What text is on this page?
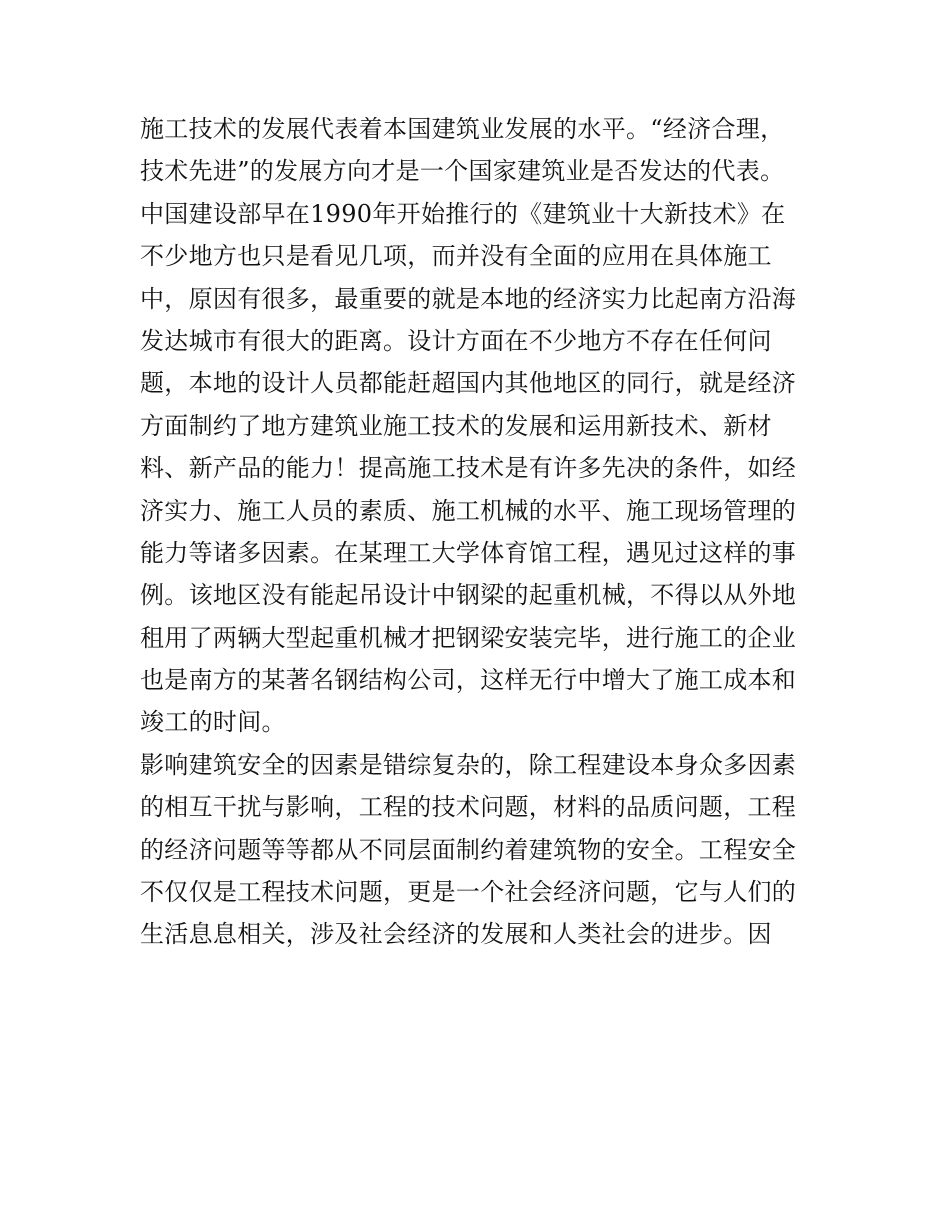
施工技术的发展代表着本国建筑业发展的水平。“经济合理，
技术先进”的发展方向才是一个国家建筑业是否发达的代表。
中国建设部早在1990年开始推行的《建筑业十大新技术》在
不少地方也只是看见几项，而并没有全面的应用在具体施工
中，原因有很多，最重要的就是本地的经济实力比起南方沿海
发达城市有很大的距离。设计方面在不少地方不存在任何问
题，本地的设计人员都能赶超国内其他地区的同行，就是经济
方面制约了地方建筑业施工技术的发展和运用新技术、新材
料、新产品的能力！提高施工技术是有许多先决的条件，如经
济实力、施工人员的素质、施工机械的水平、施工现场管理的
能力等诸多因素。在某理工大学体育馆工程，遇见过这样的事
例。该地区没有能起吊设计中钢梁的起重机械，不得以从外地
租用了两辆大型起重机械才把钢梁安装完毕，进行施工的企业
也是南方的某著名钢结构公司，这样无行中增大了施工成本和
竣工的时间。
影响建筑安全的因素是错综复杂的，除工程建设本身众多因素
的相互干扰与影响，工程的技术问题，材料的品质问题，工程
的经济问题等等都从不同层面制约着建筑物的安全。工程安全
不仅仅是工程技术问题，更是一个社会经济问题，它与人们的
生活息息相关，涉及社会经济的发展和人类社会的进步。因
